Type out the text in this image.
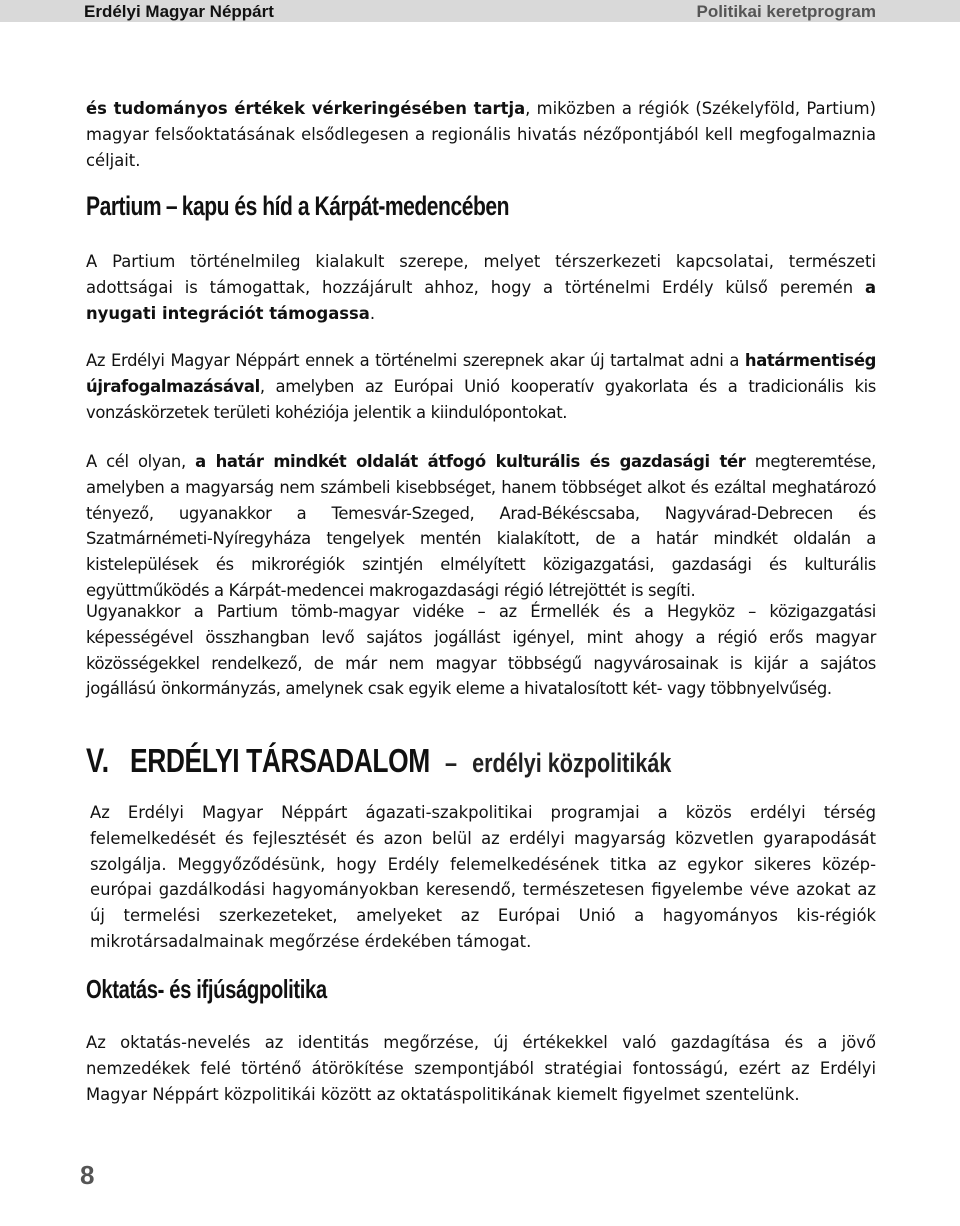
Erdélyi Magyar Néppárt	Politikai keretprogram

és tudományos értékek vérkeringésében tartja, miközben a régiók (Székelyföld, Partium) magyar felsőoktatásának elsődlegesen a regionális hivatás nézőpontjából kell megfogalmaznia céljait.

Partium – kapu és híd a Kárpát-medencében

A Partium történelmileg kialakult szerepe, melyet térszerkezeti kapcsolatai, természeti adottságai is támogattak, hozzájárult ahhoz, hogy a történelmi Erdély külső peremén a nyugati integrációt támogassa.

Az Erdélyi Magyar Néppárt ennek a történelmi szerepnek akar új tartalmat adni a határmentiség újrafogalmazásával, amelyben az Európai Unió kooperatív gyakorlata és a tradicionális kis vonzáskörzetek területi kohéziója jelentik a kiindulópontokat.

A cél olyan, a határ mindkét oldalát átfogó kulturális és gazdasági tér megteremtése, amelyben a magyarság nem számbeli kisebbséget, hanem többséget alkot és ezáltal meghatározó tényező, ugyanakkor a Temesvár-Szeged, Arad-Békéscsaba, Nagyvárad-Debrecen és Szatmárnémeti-Nyíregyháza tengelyek mentén kialakított, de a határ mindkét oldalán a kistelepülések és mikrorégiók szintjén elmélyített közigazgatási, gazdasági és kulturális együttműködés a Kárpát-medencei makrogazdasági régió létrejöttét is segíti.

Ugyanakkor a Partium tömb-magyar vidéke – az Érmellék és a Hegyköz – közigazgatási képességével összhangban levő sajátos jogállást igényel, mint ahogy a régió erős magyar közösségekkel rendelkező, de már nem magyar többségű nagyvárosainak is kijár a sajátos jogállású önkormányzás, amelynek csak egyik eleme a hivatalosított két- vagy többnyelvűség.

V. ERDÉLYI TÁRSADALOM – erdélyi közpolitikák

Az Erdélyi Magyar Néppárt ágazati-szakpolitikai programjai a közös erdélyi térség felemelkedését és fejlesztését és azon belül az erdélyi magyarság közvetlen gyarapodását szolgálja. Meggyőződésünk, hogy Erdély felemelkedésének titka az egykor sikeres közép-európai gazdálkodási hagyományokban keresendő, természetesen figyelembe véve azokat az új termelési szerkezeteket, amelyeket az Európai Unió a hagyományos kis-régiók mikrotársadalmainak megőrzése érdekében támogat.

Oktatás- és ifjúságpolitika

Az oktatás-nevelés az identitás megőrzése, új értékekkel való gazdagítása és a jövő nemzedékek felé történő átörökítése szempontjából stratégiai fontosságú, ezért az Erdélyi Magyar Néppárt közpolitikái között az oktatáspolitikának kiemelt figyelmet szentelünk.

8
